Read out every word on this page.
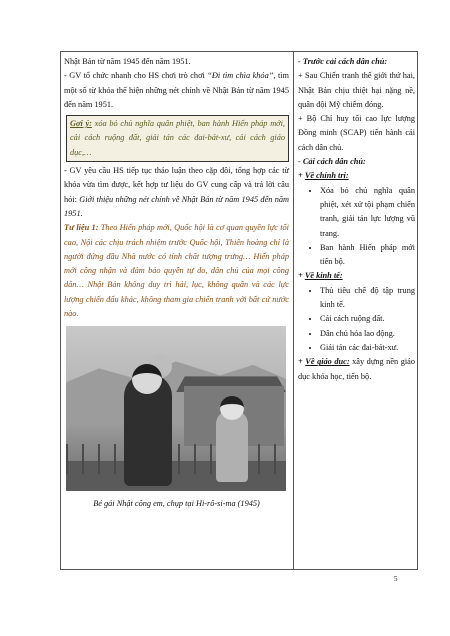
Nhật Bản từ năm 1945 đến năm 1951.

- GV tổ chức nhanh cho HS chơi trò chơi “Đi tìm chìa khóa”, tìm một số từ khóa thể hiện những nét chính về Nhật Bản từ năm 1945 đến năm 1951.

Gợi ý: xóa bỏ chủ nghĩa quân phiệt, ban hành Hiến pháp mới, cải cách ruộng đất, giải tán các đai-bát-xư, cải cách giáo dục,…

- GV yêu cầu HS tiếp tục thảo luận theo cặp đôi, tổng hợp các từ khóa vừa tìm được, kết hợp tư liệu do GV cung cấp và trả lời câu hỏi: Giới thiệu những nét chính về Nhật Bản từ năm 1945 đến năm 1951.

Tư liệu 1: Theo Hiến pháp mới, Quốc hội là cơ quan quyền lực tối cao, Nội các chịu trách nhiệm trước Quốc hội, Thiên hoàng chỉ là người đứng đầu Nhà nước có tính chất tượng trưng… Hiến pháp mới công nhận và đảm bảo quyền tự do, dân chủ của mọi công dân… Nhật Bản không duy trì hải, lục, không quân và các lực lượng chiến đấu khác, không tham gia chiến tranh với bất cứ nước nào.

Bé gái Nhật cõng em, chụp tại Hi-rô-si-ma (1945)

- Trước cải cách dân chủ:

+ Sau Chiến tranh thế giới thứ hai, Nhật Bản chịu thiệt hại nặng nề, quân đội Mỹ chiếm đóng.

+ Bộ Chỉ huy tối cao lực lượng Đồng minh (SCAP) tiến hành cải cách dân chủ.

- Cải cách dân chủ:

+ Về chính trị:

• Xóa bỏ chủ nghĩa quân phiệt, xét xử tội phạm chiến tranh, giải tán lực lượng vũ trang.
• Ban hành Hiến pháp mới tiến bộ.

+ Về kinh tế:

• Thủ tiêu chế độ tập trung kinh tế.
• Cải cách ruộng đất.
• Dân chủ hóa lao động.
• Giải tán các đai-bát-xư.

+ Về giáo dục: xây dựng nền giáo dục khóa học, tiến bộ.

5
